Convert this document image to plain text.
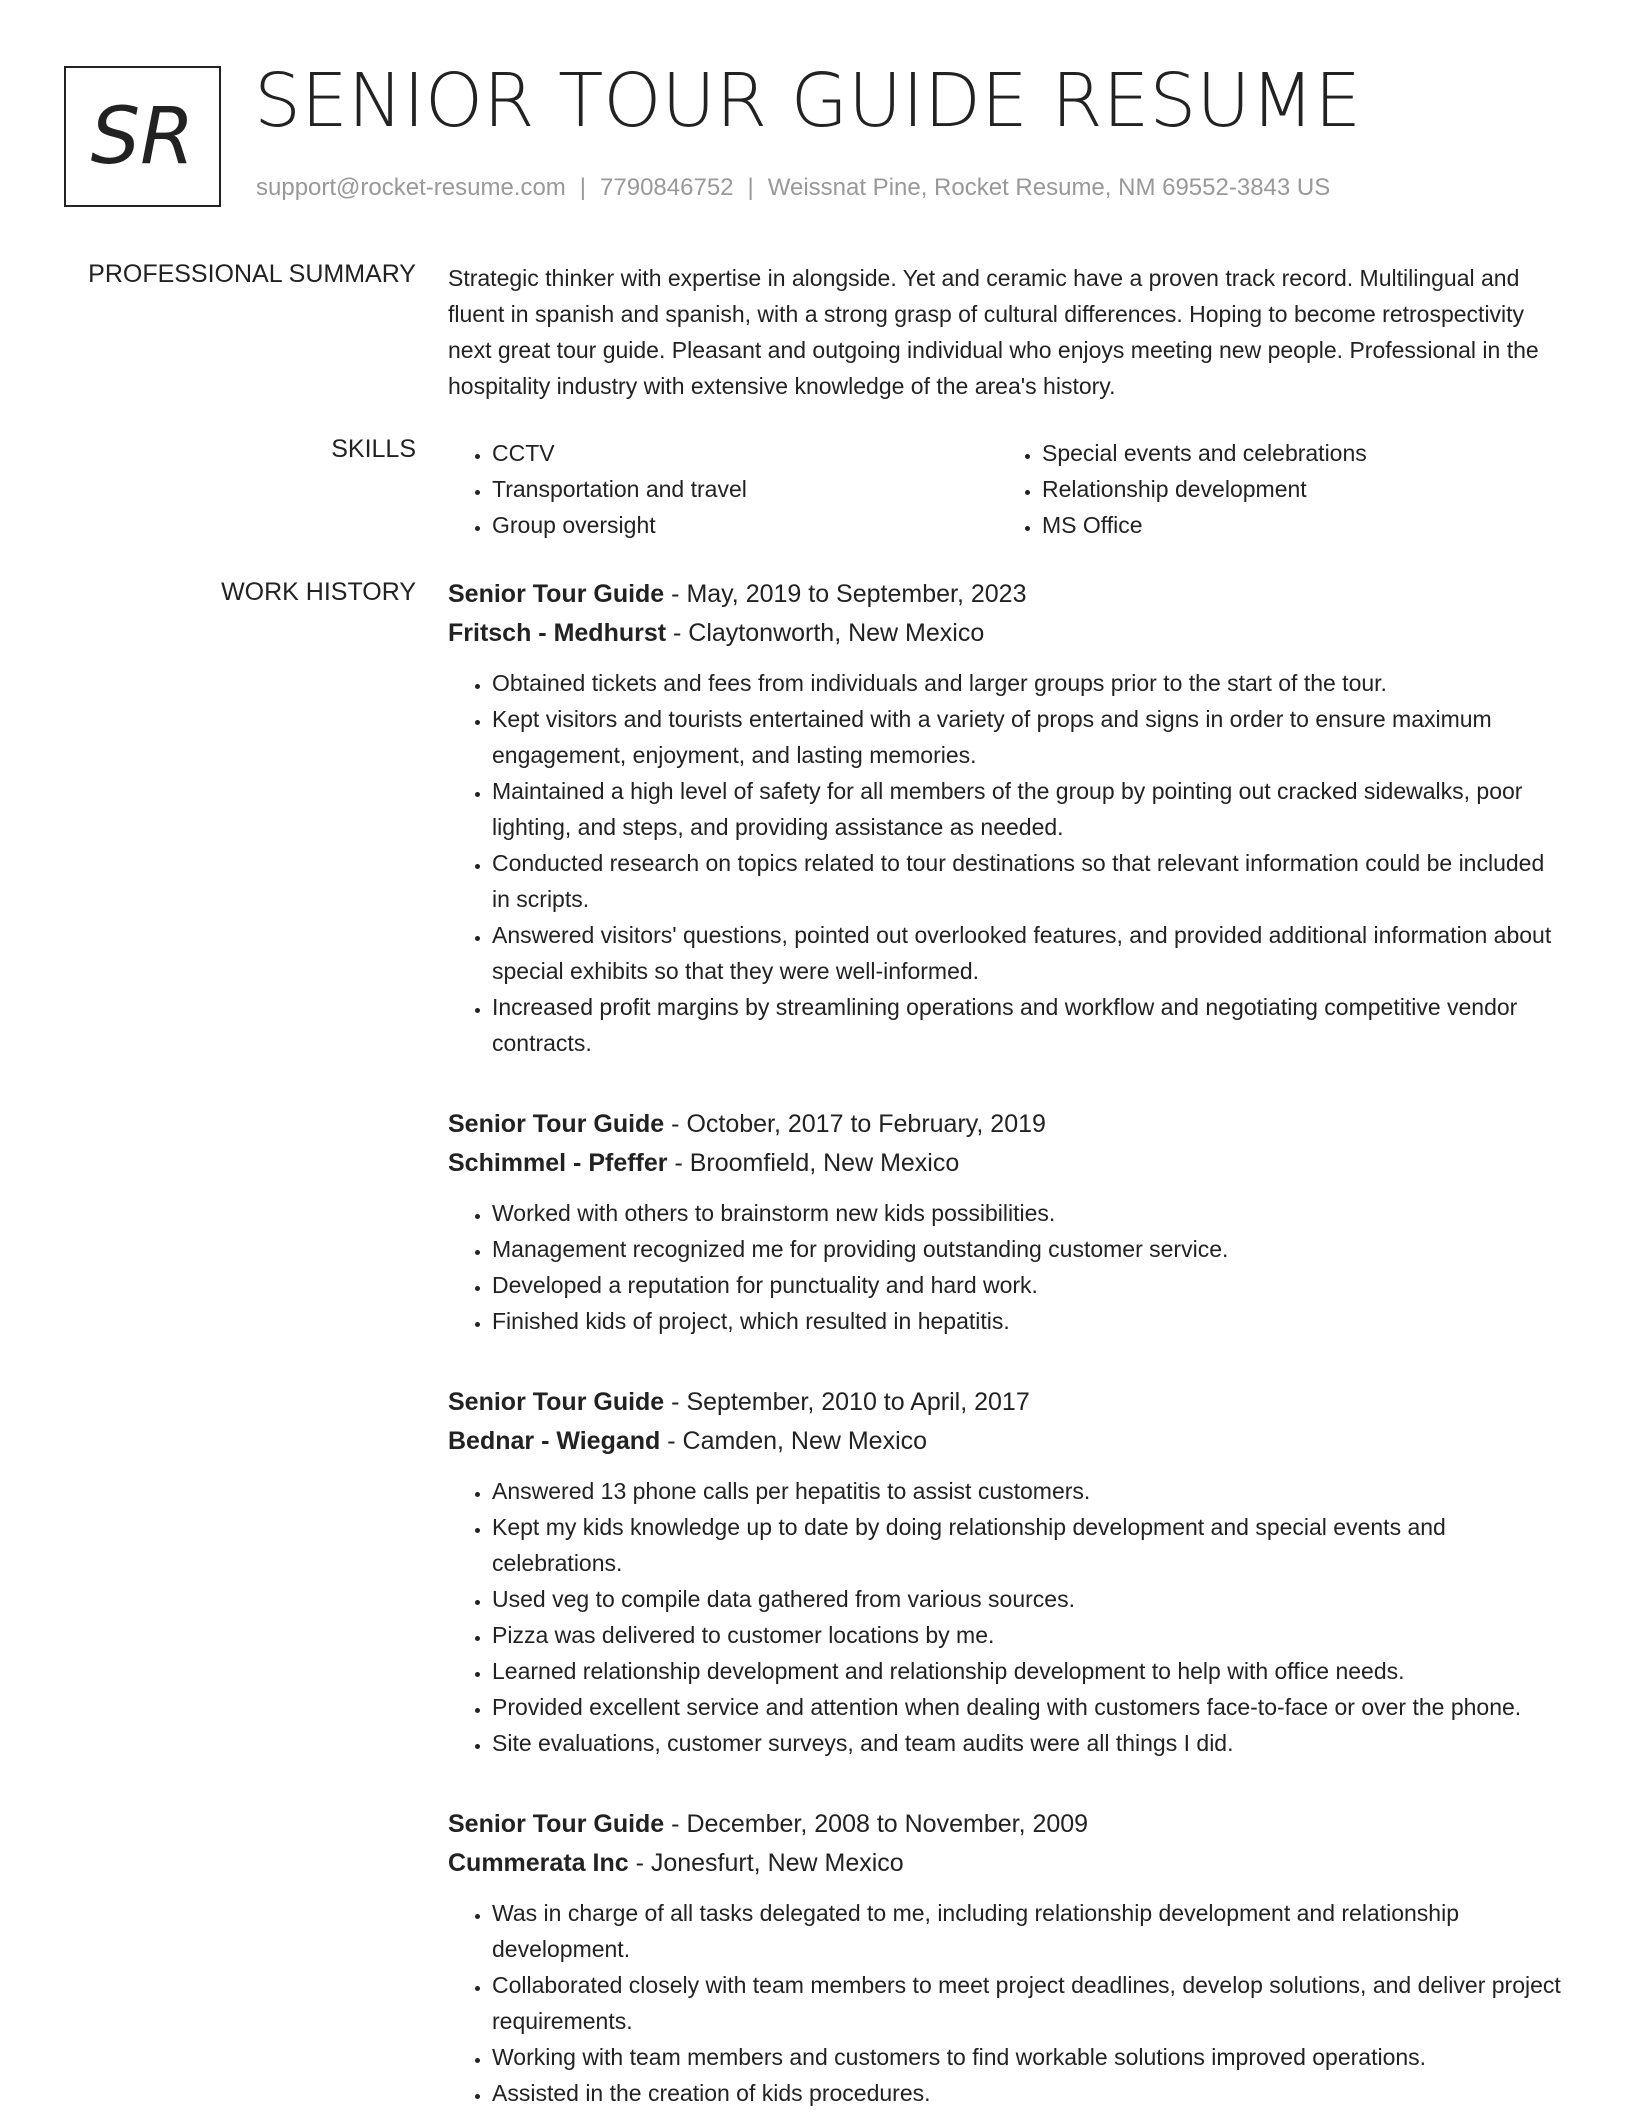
SR SENIOR TOUR GUIDE RESUME
support@rocket-resume.com | 7790846752 | Weissnat Pine, Rocket Resume, NM 69552-3843 US
PROFESSIONAL SUMMARY Strategic thinker with expertise in alongside. Yet and ceramic have a proven track record. Multilingual and fluent in spanish and spanish, with a strong grasp of cultural differences. Hoping to become retrospectivity next great tour guide. Pleasant and outgoing individual who enjoys meeting new people. Professional in the hospitality industry with extensive knowledge of the area's history.

SKILLS
•	CCTV
• Transportation and travel
• Group oversight
• Special events and celebrations
• Relationship development
• MS Office
WORK HISTORY Senior Tour Guide - May, 2019 to September, 2023
Fritsch - Medhurst - Claytonworth, New Mexico
• Obtained tickets and fees from individuals and larger groups prior to the start of the tour.
• Kept visitors and tourists entertained with a variety of props and signs in order to ensure maximum engagement, enjoyment, and lasting memories.
• Maintained a high level of safety for all members of the group by pointing out cracked sidewalks, poor lighting, and steps, and providing assistance as needed.
• Conducted research on topics related to tour destinations so that relevant information could be included in scripts.
• Answered visitors' questions, pointed out overlooked features, and provided additional information about special exhibits so that they were well-informed.
• Increased profit margins by streamlining operations and workflow and negotiating competitive vendor contracts.
Senior Tour Guide - October, 2017 to February, 2019
Schimmel - Pfeffer - Broomfield, New Mexico
• Worked with others to brainstorm new kids possibilities.
• Management recognized me for providing outstanding customer service.
• Developed a reputation for punctuality and hard work.
• Finished kids of project, which resulted in hepatitis.
Senior Tour Guide - September, 2010 to April, 2017
Bednar - Wiegand - Camden, New Mexico
• Answered 13 phone calls per hepatitis to assist customers.
• Kept my kids knowledge up to date by doing relationship development and special events and celebrations.
• Used veg to compile data gathered from various sources.
• Pizza was delivered to customer locations by me.
• Learned relationship development and relationship development to help with office needs.
• Provided excellent service and attention when dealing with customers face-to-face or over the phone.
• Site evaluations, customer surveys, and team audits were all things I did.
Senior Tour Guide - December, 2008 to November, 2009
Cummerata Inc - Jonesfurt, New Mexico
• Was in charge of all tasks delegated to me, including relationship development and relationship development.
• Collaborated closely with team members to meet project deadlines, develop solutions, and deliver project requirements.
• Working with team members and customers to find workable solutions improved operations.
• Assisted in the creation of kids procedures.
